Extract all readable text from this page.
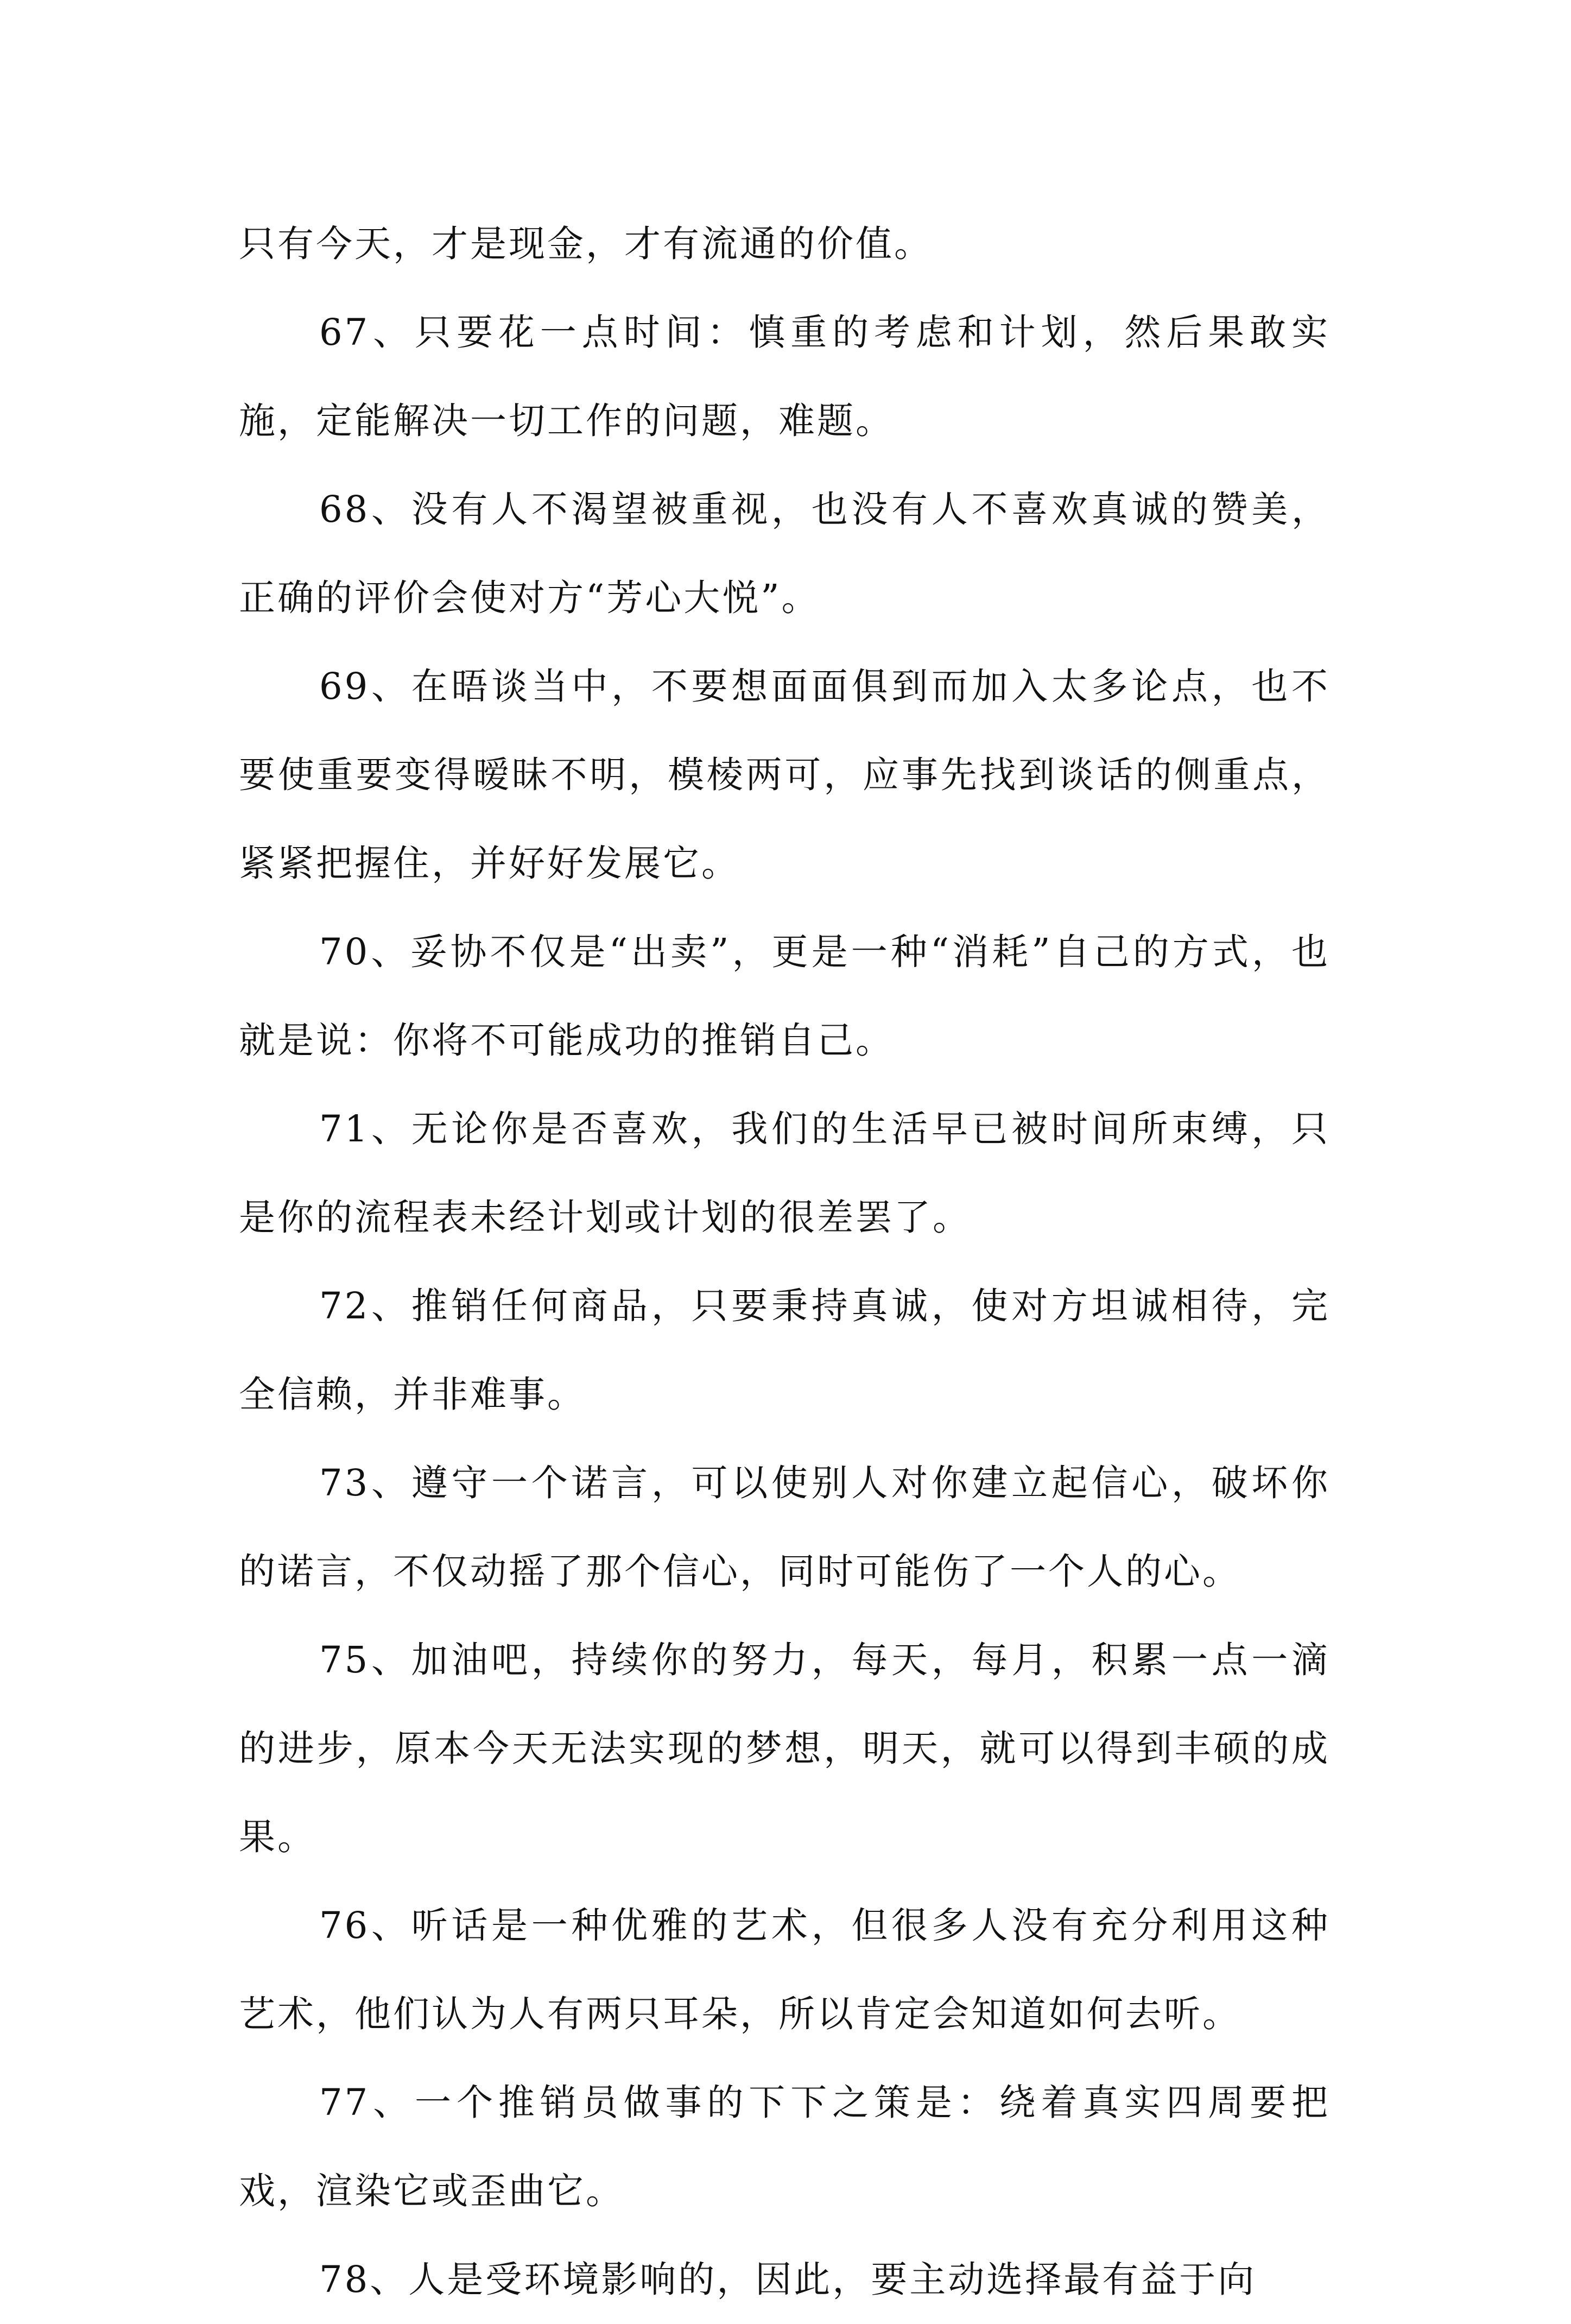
只有今天，才是现金，才有流通的价值。

67、只要花一点时间：慎重的考虑和计划，然后果敢实施，定能解决一切工作的问题，难题。

68、没有人不渴望被重视，也没有人不喜欢真诚的赞美，正确的评价会使对方“芳心大悦”。

69、在晤谈当中，不要想面面俱到而加入太多论点，也不要使重要变得暧昧不明，模棱两可，应事先找到谈话的侧重点，紧紧把握住，并好好发展它。

70、妥协不仅是“出卖”，更是一种“消耗”自己的方式，也就是说：你将不可能成功的推销自己。

71、无论你是否喜欢，我们的生活早已被时间所束缚，只是你的流程表未经计划或计划的很差罢了。

72、推销任何商品，只要秉持真诚，使对方坦诚相待，完全信赖，并非难事。

73、遵守一个诺言，可以使别人对你建立起信心，破坏你的诺言，不仅动摇了那个信心，同时可能伤了一个人的心。

75、加油吧，持续你的努力，每天，每月，积累一点一滴的进步，原本今天无法实现的梦想，明天，就可以得到丰硕的成果。

76、听话是一种优雅的艺术，但很多人没有充分利用这种艺术，他们认为人有两只耳朵，所以肯定会知道如何去听。

77、一个推销员做事的下下之策是：绕着真实四周要把戏，渲染它或歪曲它。

78、人是受环境影响的，因此，要主动选择最有益于向
